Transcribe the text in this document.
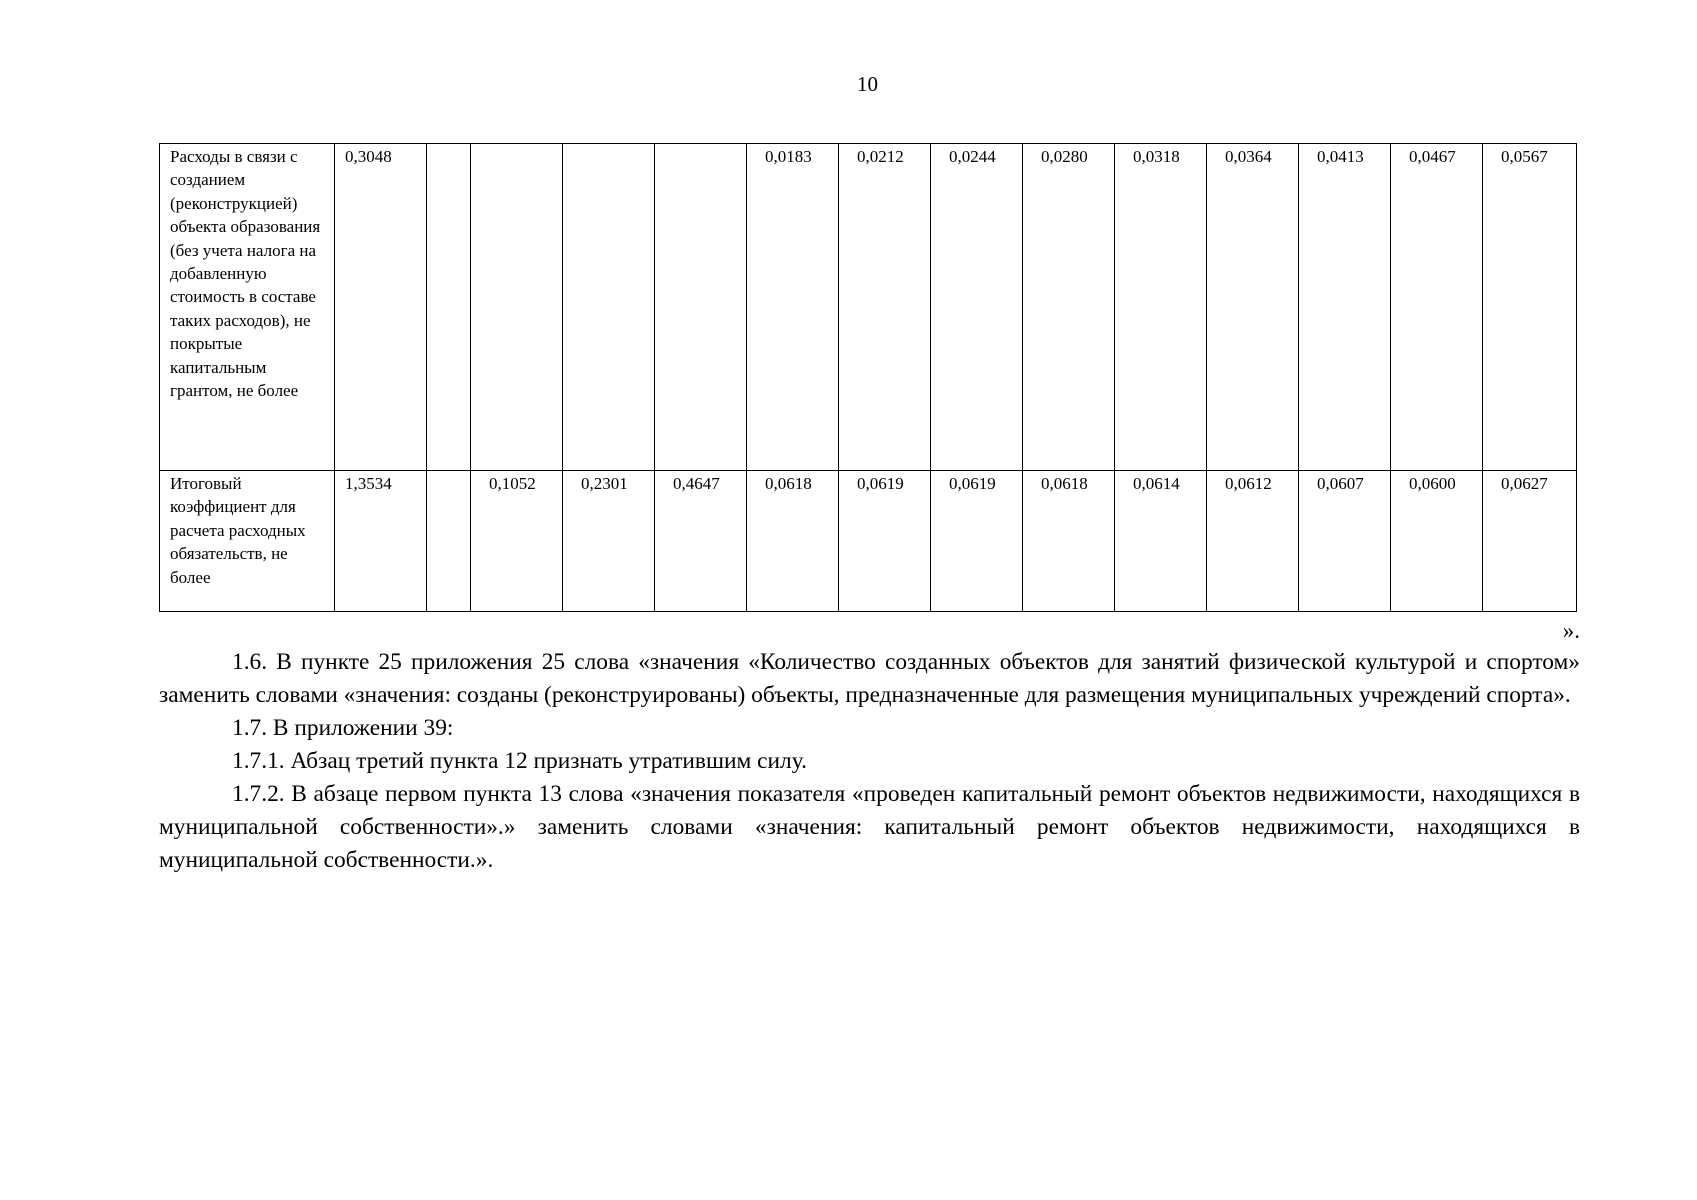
10
Расходы в связи с созданием (реконструкцией) объекта образования (без учета налога на добавленную стоимость в составе таких расходов), не покрытые капитальным грантом, не более	0,3048					0,0183	0,0212	0,0244	0,0280	0,0318	0,0364	0,0413	0,0467	0,0567
Итоговый коэффициент для расчета расходных обязательств, не более	1,3534		0,1052	0,2301	0,4647	0,0618	0,0619	0,0619	0,0618	0,0614	0,0612	0,0607	0,0600	0,0627
».

1.6. В пункте 25 приложения 25 слова «значения «Количество созданных объектов для занятий физической культурой и спортом» заменить словами «значения: созданы (реконструированы) объекты, предназначенные для размещения муниципальных учреждений спорта».

1.7. В приложении 39:

1.7.1. Абзац третий пункта 12 признать утратившим силу.

1.7.2. В абзаце первом пункта 13 слова «значения показателя «проведен капитальный ремонт объектов недвижимости, находящихся в муниципальной собственности».» заменить словами «значения: капитальный ремонт объектов недвижимости, находящихся в муниципальной собственности.».
